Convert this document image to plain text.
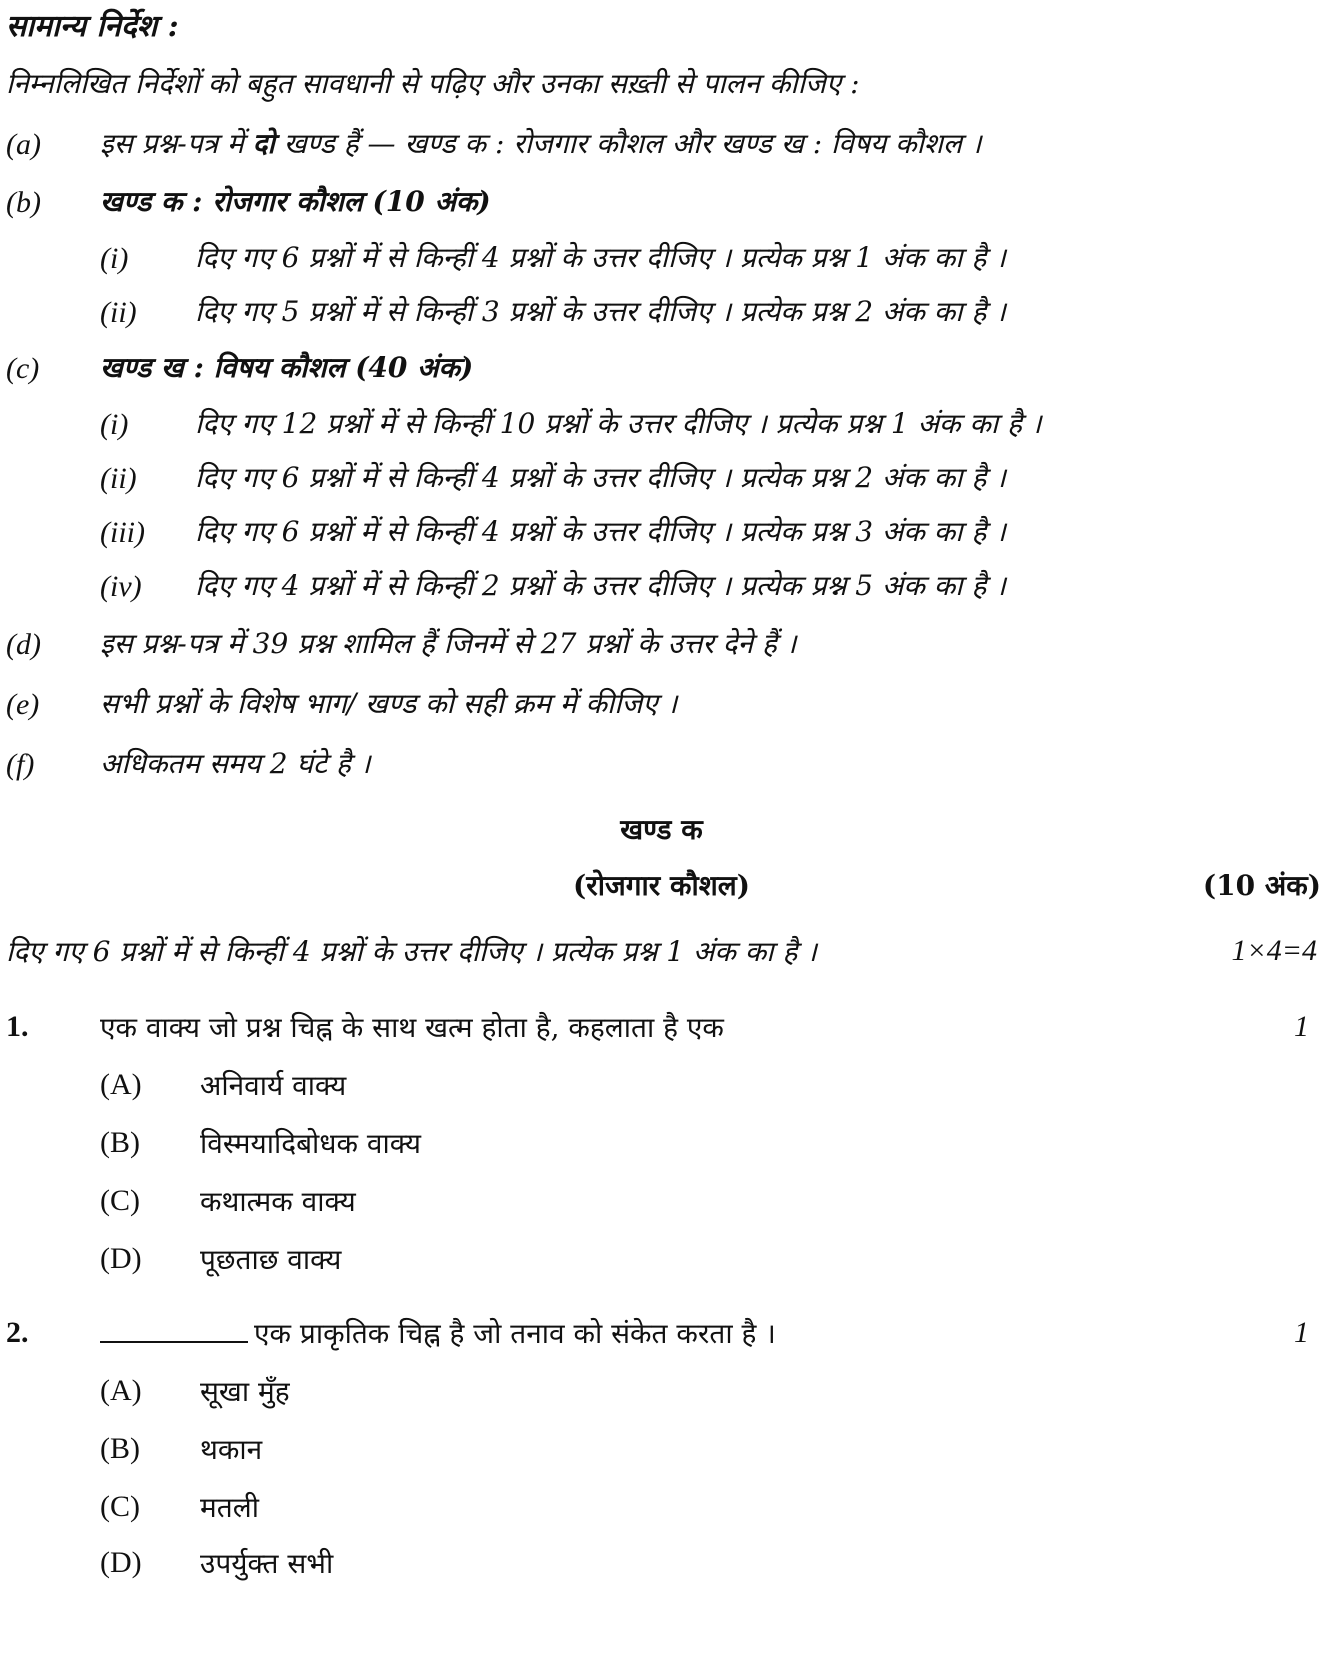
सामान्य निर्देश :
निम्नलिखित निर्देशों को बहुत सावधानी से पढ़िए और उनका सख़्ती से पालन कीजिए :
(a) इस प्रश्न-पत्र में दो खण्ड हैं — खण्ड क : रोजगार कौशल और खण्ड ख : विषय कौशल ।
(b) खण्ड क : रोजगार कौशल (10 अंक)
(i) दिए गए 6 प्रश्नों में से किन्हीं 4 प्रश्नों के उत्तर दीजिए । प्रत्येक प्रश्न 1 अंक का है ।
(ii) दिए गए 5 प्रश्नों में से किन्हीं 3 प्रश्नों के उत्तर दीजिए । प्रत्येक प्रश्न 2 अंक का है ।
(c) खण्ड ख : विषय कौशल (40 अंक)
(i) दिए गए 12 प्रश्नों में से किन्हीं 10 प्रश्नों के उत्तर दीजिए । प्रत्येक प्रश्न 1 अंक का है ।
(ii) दिए गए 6 प्रश्नों में से किन्हीं 4 प्रश्नों के उत्तर दीजिए । प्रत्येक प्रश्न 2 अंक का है ।
(iii) दिए गए 6 प्रश्नों में से किन्हीं 4 प्रश्नों के उत्तर दीजिए । प्रत्येक प्रश्न 3 अंक का है ।
(iv) दिए गए 4 प्रश्नों में से किन्हीं 2 प्रश्नों के उत्तर दीजिए । प्रत्येक प्रश्न 5 अंक का है ।
(d) इस प्रश्न-पत्र में 39 प्रश्न शामिल हैं जिनमें से 27 प्रश्नों के उत्तर देने हैं ।
(e) सभी प्रश्नों के विशेष भाग/ खण्ड को सही क्रम में कीजिए ।
(f) अधिकतम समय 2 घंटे है ।
खण्ड क
(रोजगार कौशल)	(10 अंक)
दिए गए 6 प्रश्नों में से किन्हीं 4 प्रश्नों के उत्तर दीजिए । प्रत्येक प्रश्न 1 अंक का है ।	1×4=4
1.	एक वाक्य जो प्रश्न चिह्न के साथ खत्म होता है, कहलाता है एक	1
(A) अनिवार्य वाक्य
(B) विस्मयादिबोधक वाक्य
(C) कथात्मक वाक्य
(D) पूछताछ वाक्य
2.	एक प्राकृतिक चिह्न है जो तनाव को संकेत करता है ।	1
(A) सूखा मुँह
(B) थकान
(C) मतली
(D) उपर्युक्त सभी
